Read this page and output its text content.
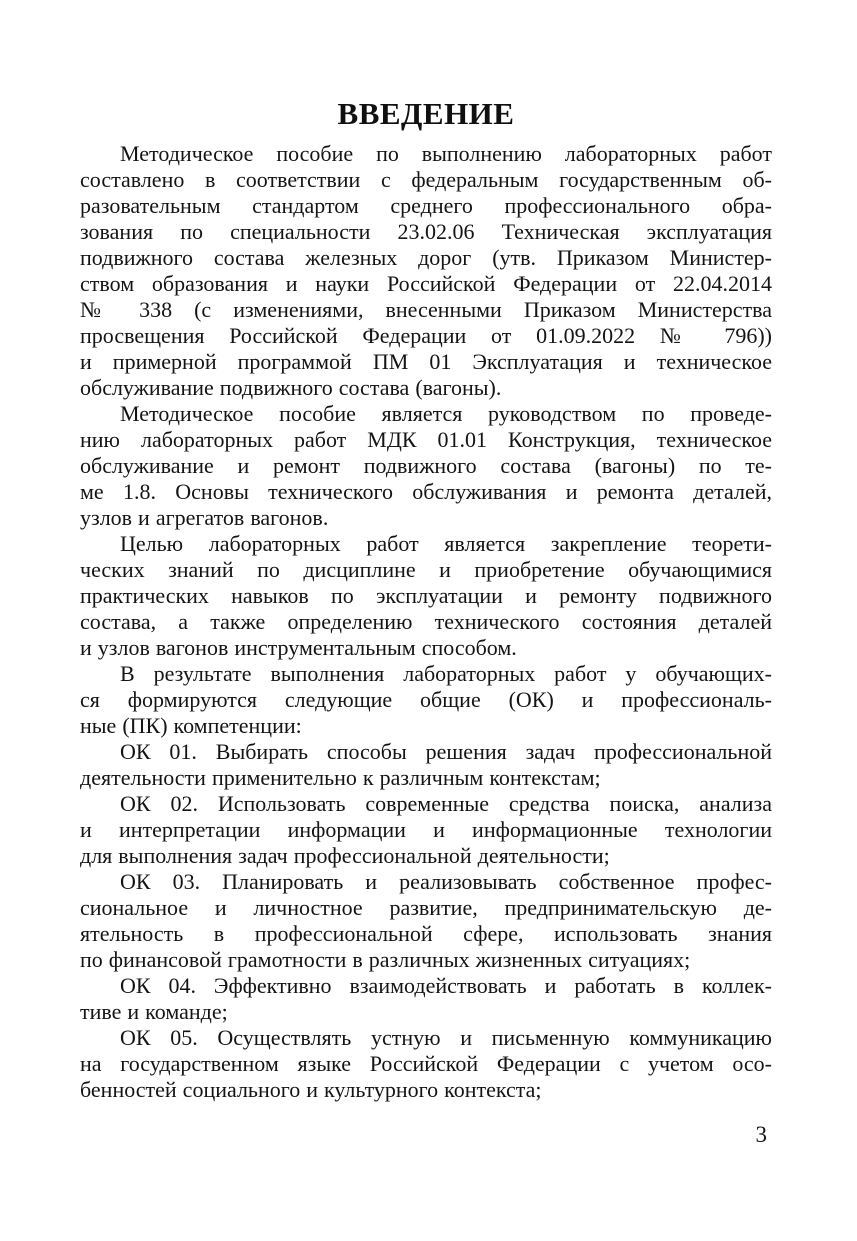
ВВЕДЕНИЕ

Методическое пособие по выполнению лабораторных работ
составлено в соответствии с федеральным государственным об-
разовательным стандартом среднего профессионального обра-
зования по специальности 23.02.06 Техническая эксплуатация
подвижного состава железных дорог (утв. Приказом Министер-
ством образования и науки Российской Федерации от 22.04.2014
№ 338 (с изменениями, внесенными Приказом Министерства
просвещения Российской Федерации от 01.09.2022 № 796))
и примерной программой ПМ 01 Эксплуатация и техническое
обслуживание подвижного состава (вагоны).

Методическое пособие является руководством по проведе-
нию лабораторных работ МДК 01.01 Конструкция, техническое
обслуживание и ремонт подвижного состава (вагоны) по те-
ме 1.8. Основы технического обслуживания и ремонта деталей,
узлов и агрегатов вагонов.

Целью лабораторных работ является закрепление теорети-
ческих знаний по дисциплине и приобретение обучающимися
практических навыков по эксплуатации и ремонту подвижного
состава, а также определению технического состояния деталей
и узлов вагонов инструментальным способом.

В результате выполнения лабораторных работ у обучающих-
ся формируются следующие общие (ОК) и профессиональ-
ные (ПК) компетенции:

ОК 01. Выбирать способы решения задач профессиональной
деятельности применительно к различным контекстам;

ОК 02. Использовать современные средства поиска, анализа
и интерпретации информации и информационные технологии
для выполнения задач профессиональной деятельности;

ОК 03. Планировать и реализовывать собственное профес-
сиональное и личностное развитие, предпринимательскую де-
ятельность в профессиональной сфере, использовать знания
по финансовой грамотности в различных жизненных ситуациях;

ОК 04. Эффективно взаимодействовать и работать в коллек-
тиве и команде;

ОК 05. Осуществлять устную и письменную коммуникацию
на государственном языке Российской Федерации с учетом осо-
бенностей социального и культурного контекста;

3
